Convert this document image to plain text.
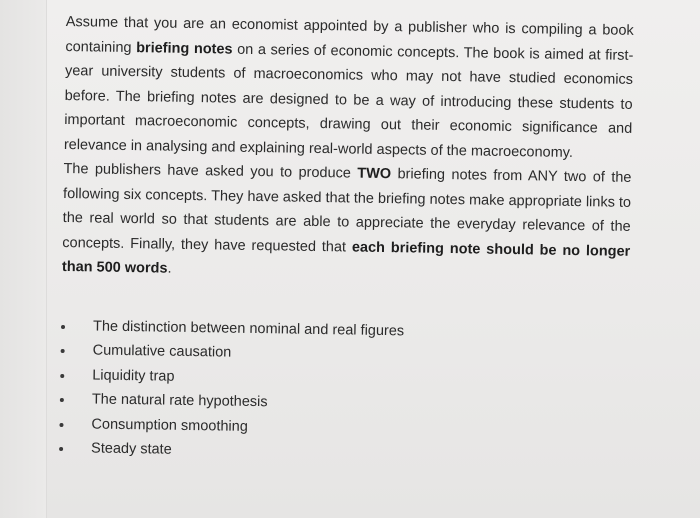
Assume that you are an economist appointed by a publisher who is compiling a book containing briefing notes on a series of economic concepts. The book is aimed at first-year university students of macroeconomics who may not have studied economics before. The briefing notes are designed to be a way of introducing these students to important macroeconomic concepts, drawing out their economic significance and relevance in analysing and explaining real-world aspects of the macroeconomy.

The publishers have asked you to produce TWO briefing notes from ANY two of the following six concepts. They have asked that the briefing notes make appropriate links to the real world so that students are able to appreciate the everyday relevance of the concepts. Finally, they have requested that each briefing note should be no longer than 500 words.

The distinction between nominal and real figures
Cumulative causation
Liquidity trap
The natural rate hypothesis
Consumption smoothing
Steady state
